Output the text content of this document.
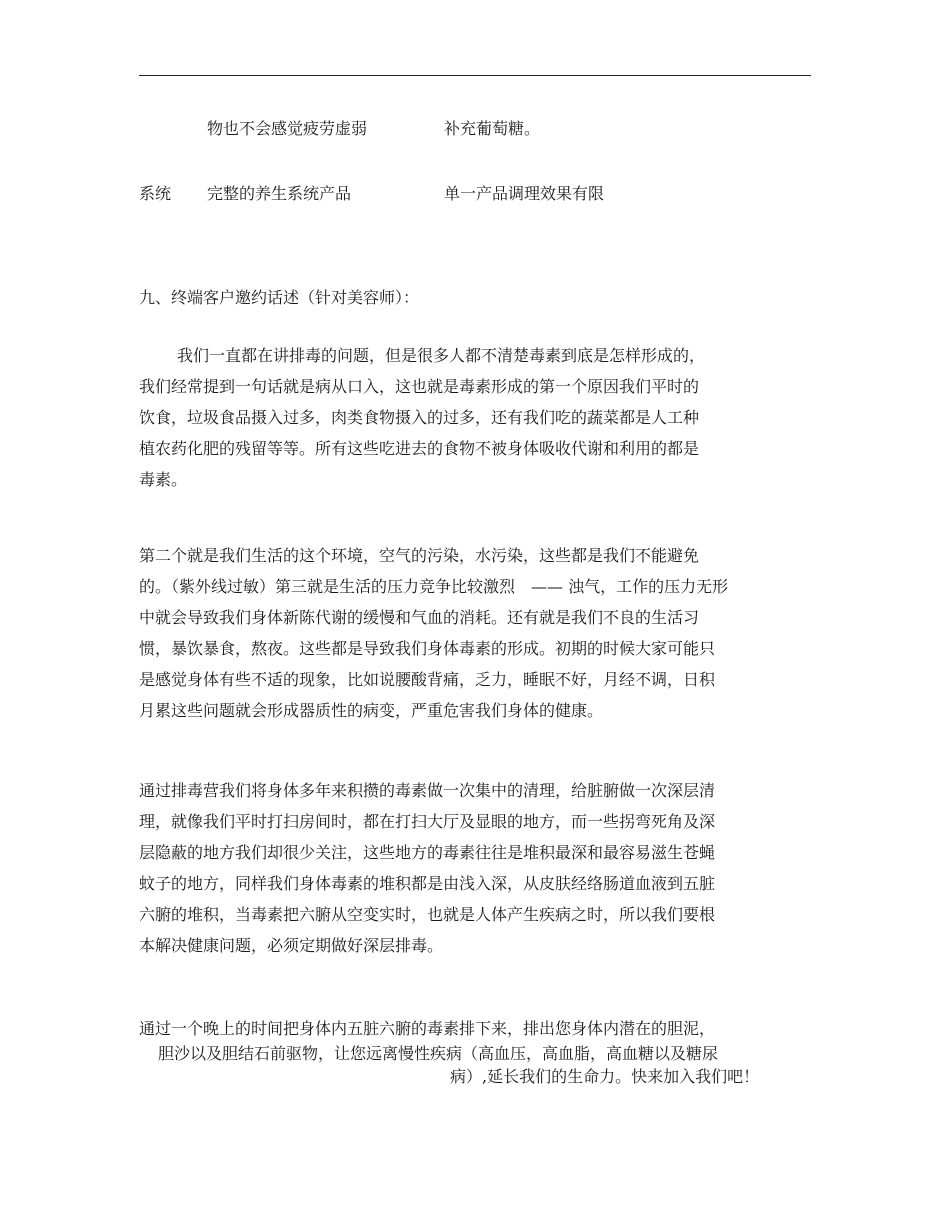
物也不会感觉疲劳虚弱	补充葡萄糖。
系统 完整的养生系统产品	单一产品调理效果有限
九、终端客户邀约话述（针对美容师）：
我们一直都在讲排毒的问题，但是很多人都不清楚毒素到底是怎样形成的，
我们经常提到一句话就是病从口入，这也就是毒素形成的第一个原因我们平时的
饮食，垃圾食品摄入过多，肉类食物摄入的过多，还有我们吃的蔬菜都是人工种
植农药化肥的残留等等。所有这些吃进去的食物不被身体吸收代谢和利用的都是
毒素。
第二个就是我们生活的这个环境，空气的污染，水污染，这些都是我们不能避免
的。（紫外线过敏）第三就是生活的压力竞争比较激烈　—— 浊气，工作的压力无形
中就会导致我们身体新陈代谢的缓慢和气血的消耗。还有就是我们不良的生活习
惯，暴饮暴食，熬夜。这些都是导致我们身体毒素的形成。初期的时候大家可能只
是感觉身体有些不适的现象，比如说腰酸背痛，乏力，睡眠不好，月经不调，日积
月累这些问题就会形成器质性的病变，严重危害我们身体的健康。
通过排毒营我们将身体多年来积攒的毒素做一次集中的清理，给脏腑做一次深层清
理，就像我们平时打扫房间时，都在打扫大厅及显眼的地方，而一些拐弯死角及深
层隐蔽的地方我们却很少关注，这些地方的毒素往往是堆积最深和最容易滋生苍蝇
蚊子的地方，同样我们身体毒素的堆积都是由浅入深，从皮肤经络肠道血液到五脏
六腑的堆积，当毒素把六腑从空变实时，也就是人体产生疾病之时，所以我们要根
本解决健康问题，必须定期做好深层排毒。
通过一个晚上的时间把身体内五脏六腑的毒素排下来，排出您身体内潜在的胆泥，
胆沙以及胆结石前驱物，让您远离慢性疾病（高血压，高血脂，高血糖以及糖尿
病）,延长我们的生命力。快来加入我们吧！
